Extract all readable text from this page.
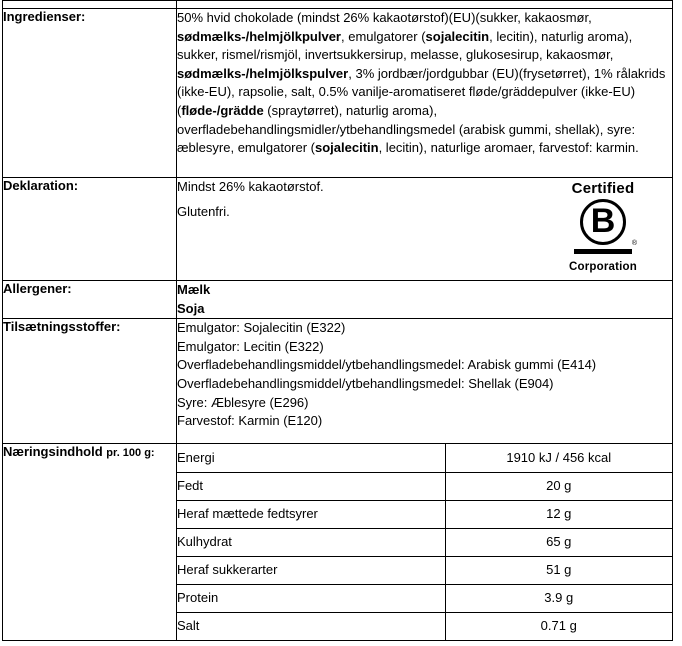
Ingredienser:	50% hvid chokolade (mindst 26% kakaotørstof)(EU)(sukker, kakaosmør, sødmælks-/helmjölkpulver, emulgatorer (sojalecitin, lecitin), naturlig aroma), sukker, rismel/rismjöl, invertsukkersirup, melasse, glukosesirup, kakaosmør, sødmælks-/helmjölkspulver, 3% jordbær/jordgubbar (EU)(frysetørret), 1% rålakrids (ikke-EU), rapsolie, salt, 0.5% vanilje-aromatiseret fløde/gräddepulver (ikke-EU)(fløde-/grädde (spraytørret), naturlig aroma), overfladebehandlingsmidler/ytbehandlingsmedel (arabisk gummi, shellak), syre: æblesyre, emulgatorer (sojalecitin, lecitin), naturlige aromaer, farvestof: karmin.
Deklaration:	Mindst 26% kakaotørstof.
Glutenfri.
Certified
B
®
Corporation

Allergener:	Mælk
Soja

Tilsætningsstoffer:	Emulgator: Sojalecitin (E322)
Emulgator: Lecitin (E322)
Overfladebehandlingsmiddel/ytbehandlingsmedel: Arabisk gummi (E414)
Overfladebehandlingsmiddel/ytbehandlingsmedel: Shellak (E904)
Syre: Æblesyre (E296)
Farvestof: Karmin (E120)

Næringsindhold pr. 100 g:	Energi	1910 kJ / 456 kcal
Fedt	20 g
Heraf mættede fedtsyrer	12 g
Kulhydrat	65 g
Heraf sukkerarter	51 g
Protein	3.9 g
Salt	0.71 g
